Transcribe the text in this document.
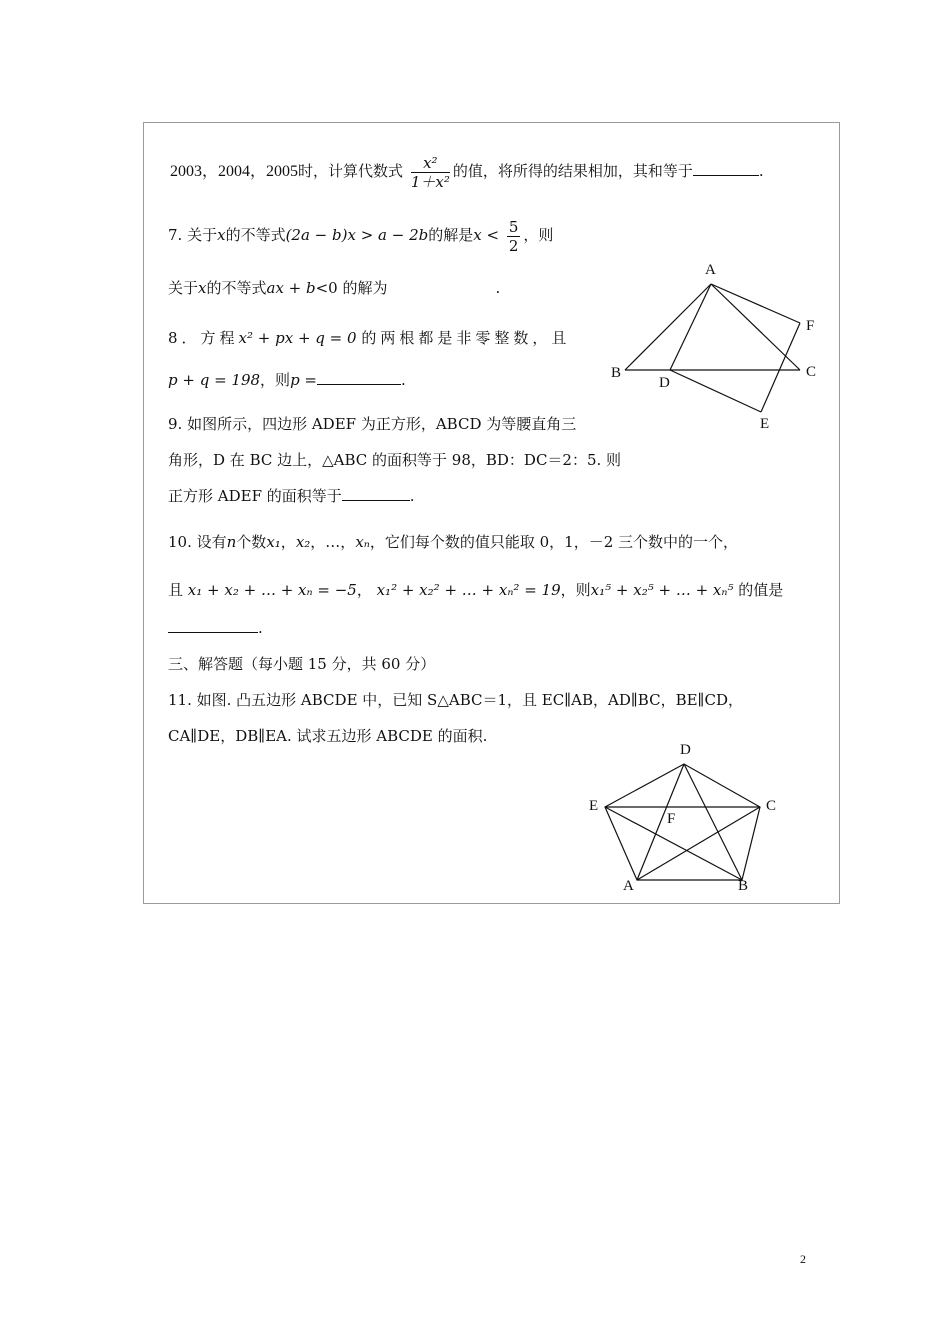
2003，2004，2005时，计算代数式 $\frac{\text{x²}}{\text{1＋x²}}$ 的值，将所得的结果相加，其和等于	.
7. 关于x的不等式(2a − b)x > a − 2b的解是$x < \frac{5}{2}$ ，则
关于x的不等式ax + b<0 的解为	.
8．方程x² + px + q = 0 的两根都是非零整数，且
p + q = 198，则p =	.
9. 如图所示，四边形 ADEF 为正方形，ABCD 为等腰直角三
角形，D 在 BC 边上，△ABC 的面积等于 98，BD：DC＝2：5. 则
正方形 ADEF 的面积等于	.
A
B	C
D
E
F
10. 设有n个数x₁，x₂，…，xₙ，它们每个数的值只能取 0，1，－2 三个数中的一个，
且 x₁ + x₂ + … + xₙ = −5， x₁² + x₂² + … + xₙ² = 19，则x₁⁵ + x₂⁵ + … + xₙ⁵ 的值是
.
三、解答题（每小题 15 分，共 60 分）
11. 如图. 凸五边形 ABCDE 中，已知 S△ABC＝1，且 EC∥AB，AD∥BC，BE∥CD，
CA∥DE，DB∥EA. 试求五边形 ABCDE 的面积.
D
E	C
F
A	B
2
